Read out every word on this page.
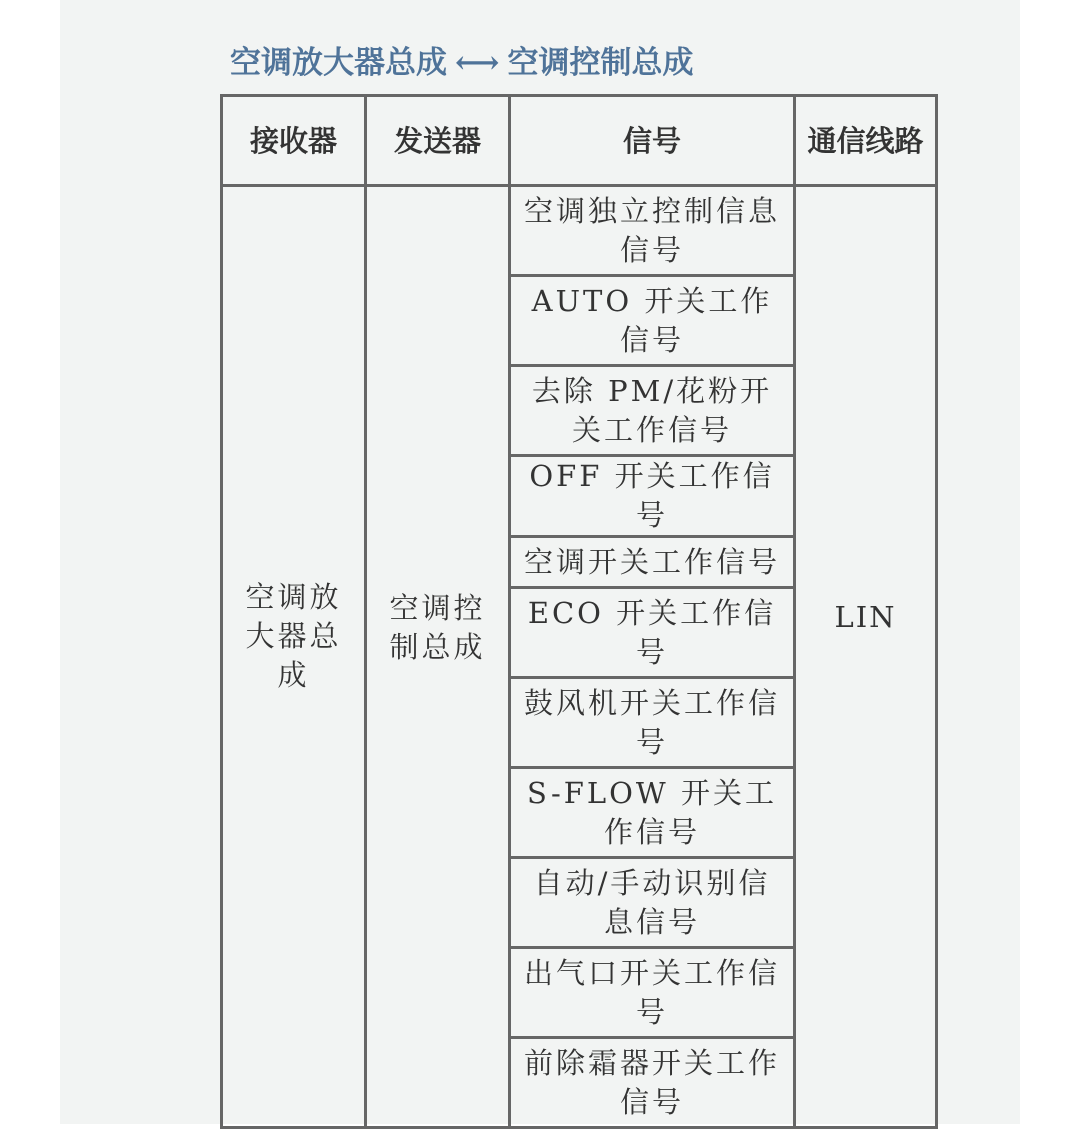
空调放大器总成 ⟷ 空调控制总成
接收器	发送器	信号	通信线路

空调放大器总成	空调控制总成	空调独立控制信息信号	LIN

		AUTO 开关工作信号	
		去除 PM/花粉开关工作信号	
		OFF 开关工作信号	
		空调开关工作信号	
		ECO 开关工作信号	
		鼓风机开关工作信号	
		S-FLOW 开关工作信号	
		自动/手动识别信息信号	
		出气口开关工作信号	
		前除霜器开关工作信号	
